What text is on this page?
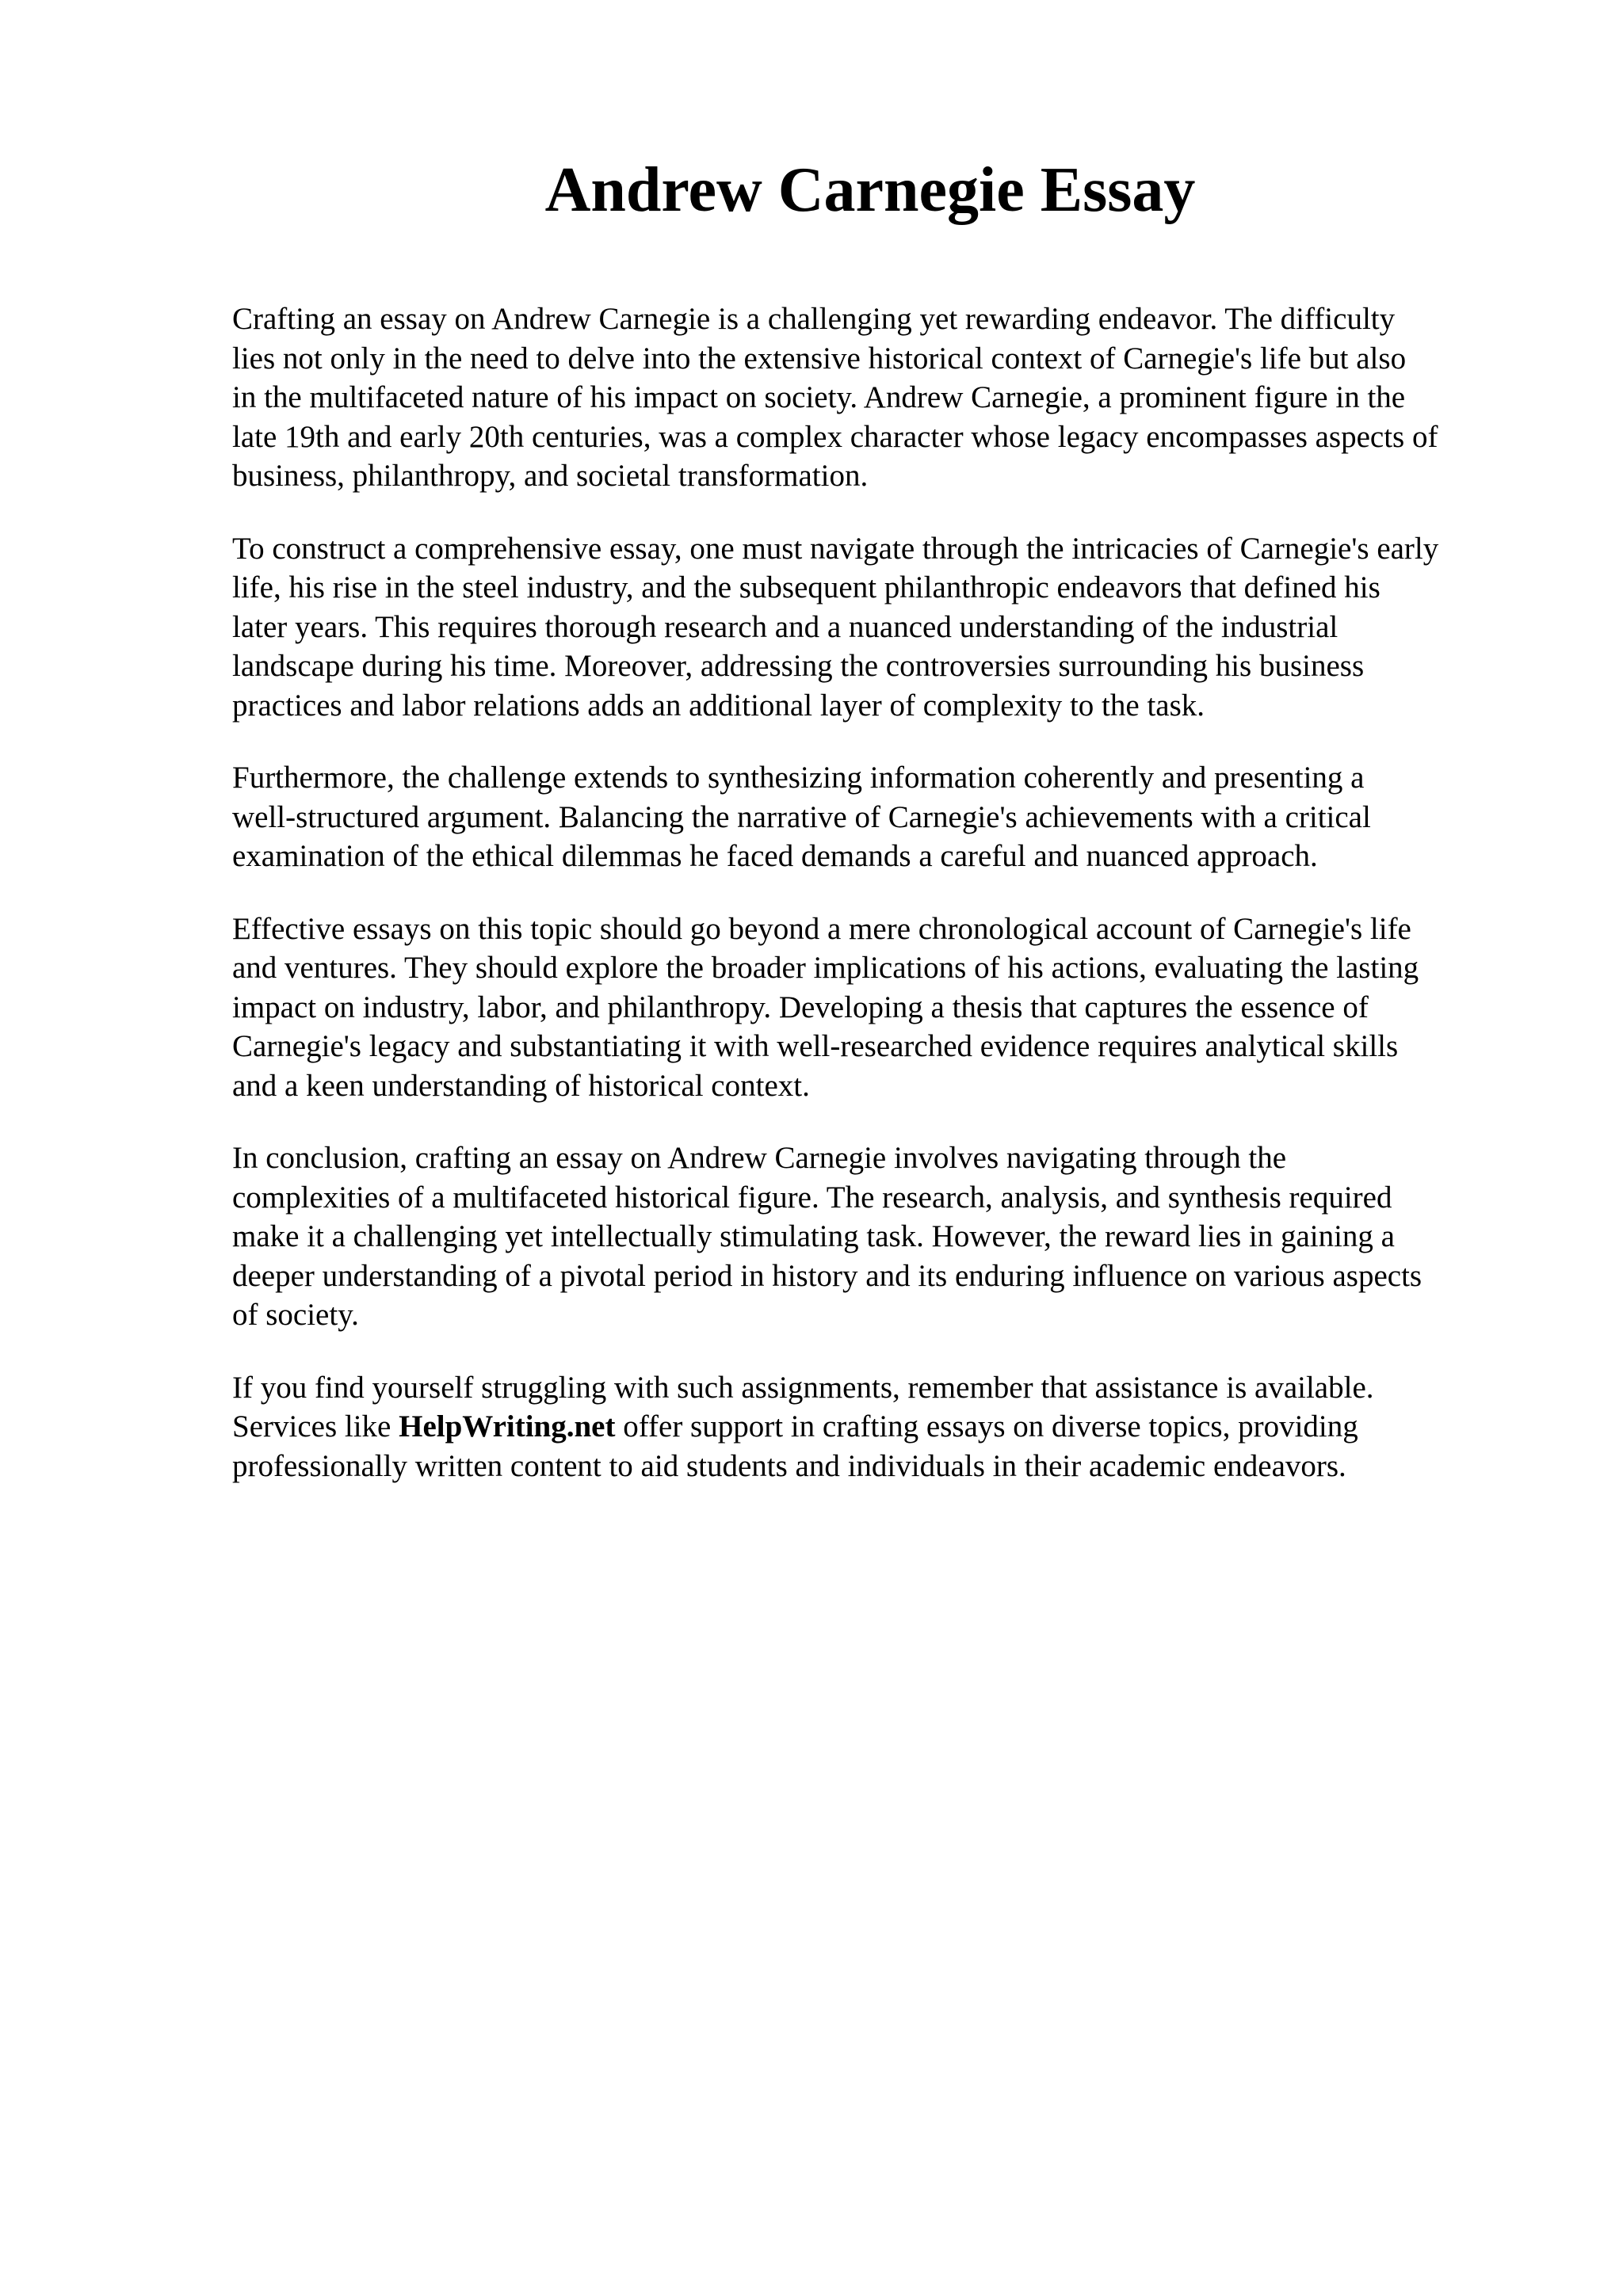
Andrew Carnegie Essay

Crafting an essay on Andrew Carnegie is a challenging yet rewarding endeavor. The difficulty
lies not only in the need to delve into the extensive historical context of Carnegie's life but also
in the multifaceted nature of his impact on society. Andrew Carnegie, a prominent figure in the
late 19th and early 20th centuries, was a complex character whose legacy encompasses aspects of
business, philanthropy, and societal transformation.

To construct a comprehensive essay, one must navigate through the intricacies of Carnegie's early
life, his rise in the steel industry, and the subsequent philanthropic endeavors that defined his
later years. This requires thorough research and a nuanced understanding of the industrial
landscape during his time. Moreover, addressing the controversies surrounding his business
practices and labor relations adds an additional layer of complexity to the task.

Furthermore, the challenge extends to synthesizing information coherently and presenting a
well-structured argument. Balancing the narrative of Carnegie's achievements with a critical
examination of the ethical dilemmas he faced demands a careful and nuanced approach.

Effective essays on this topic should go beyond a mere chronological account of Carnegie's life
and ventures. They should explore the broader implications of his actions, evaluating the lasting
impact on industry, labor, and philanthropy. Developing a thesis that captures the essence of
Carnegie's legacy and substantiating it with well-researched evidence requires analytical skills
and a keen understanding of historical context.

In conclusion, crafting an essay on Andrew Carnegie involves navigating through the
complexities of a multifaceted historical figure. The research, analysis, and synthesis required
make it a challenging yet intellectually stimulating task. However, the reward lies in gaining a
deeper understanding of a pivotal period in history and its enduring influence on various aspects
of society.

If you find yourself struggling with such assignments, remember that assistance is available.
Services like HelpWriting.net offer support in crafting essays on diverse topics, providing
professionally written content to aid students and individuals in their academic endeavors.
